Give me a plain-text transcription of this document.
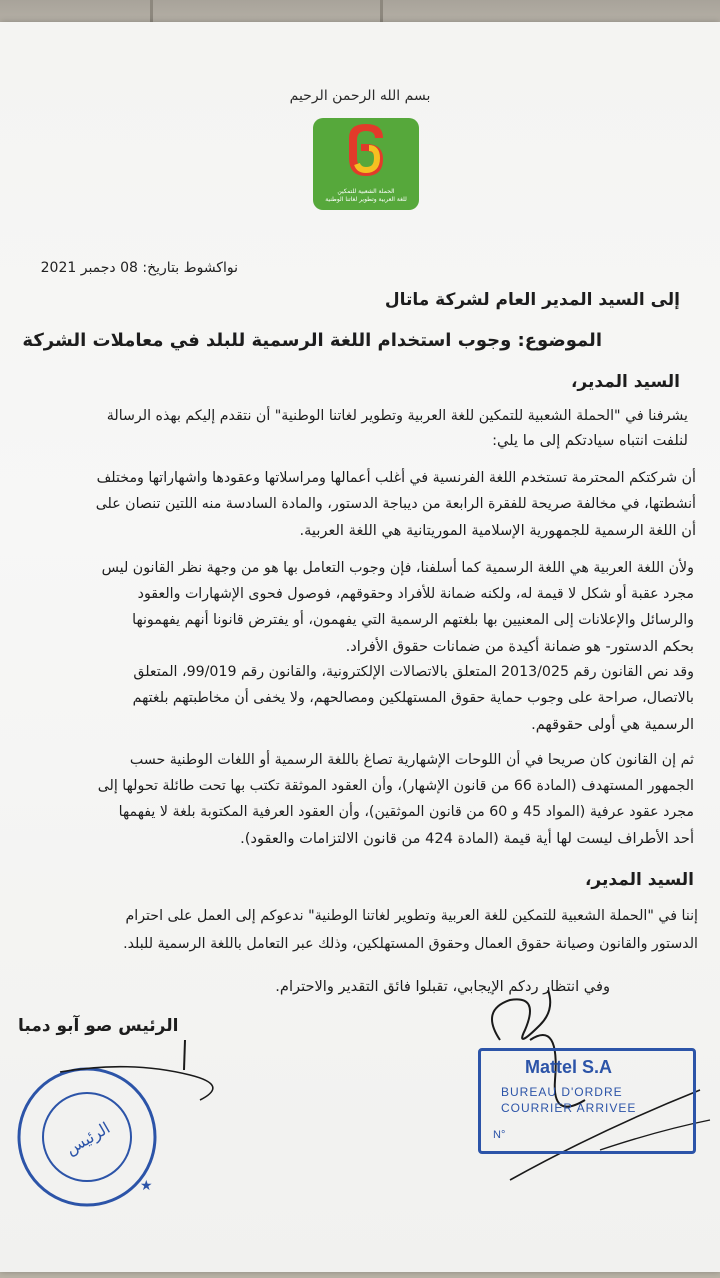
بسم الله الرحمن الرحيم
الحملة الشعبية للتمكين
للغة العربية وتطوير لغاتنا الوطنية
نواكشوط بتاريخ: 08 دجمبر 2021
إلى السيد المدير العام لشركة ماتال
الموضوع: وجوب استخدام اللغة الرسمية للبلد في معاملات الشركة
السيد المدير،
يشرفنا في "الحملة الشعبية للتمكين للغة العربية وتطوير لغاتنا الوطنية" أن نتقدم إليكم بهذه الرسالة
لنلفت انتباه سيادتكم إلى ما يلي:
أن شركتكم المحترمة تستخدم اللغة الفرنسية في أغلب أعمالها ومراسلاتها وعقودها واشهاراتها ومختلف
أنشطتها، في مخالفة صريحة للفقرة الرابعة من ديباجة الدستور، والمادة السادسة منه اللتين تنصان على
أن اللغة الرسمية للجمهورية الإسلامية الموريتانية هي اللغة العربية.
ولأن اللغة العربية هي اللغة الرسمية كما أسلفنا، فإن وجوب التعامل بها هو من وجهة نظر القانون ليس
مجرد عقبة أو شكل لا قيمة له، ولكنه ضمانة للأفراد وحقوقهم، فوصول فحوى الإشهارات والعقود
والرسائل والإعلانات إلى المعنيين بها بلغتهم الرسمية التي يفهمون، أو يفترض قانونا أنهم يفهمونها
بحكم الدستور- هو ضمانة أكيدة من ضمانات حقوق الأفراد.
وقد نص القانون رقم 2013/025 المتعلق بالاتصالات الإلكترونية، والقانون رقم 99/019، المتعلق
بالاتصال، صراحة على وجوب حماية حقوق المستهلكين ومصالحهم، ولا يخفى أن مخاطبتهم بلغتهم
الرسمية هي أولى حقوقهم.
ثم إن القانون كان صريحا في أن اللوحات الإشهارية تصاغ باللغة الرسمية أو اللغات الوطنية حسب
الجمهور المستهدف (المادة 66 من قانون الإشهار)، وأن العقود الموثقة تكتب بها تحت طائلة تحولها إلى
مجرد عقود عرفية (المواد 45 و 60 من قانون الموثقين)، وأن العقود العرفية المكتوبة بلغة لا يفهمها
أحد الأطراف ليست لها أية قيمة (المادة 424 من قانون الالتزامات والعقود).
السيد المدير،
إننا في "الحملة الشعبية للتمكين للغة العربية وتطوير لغاتنا الوطنية" ندعوكم إلى العمل على احترام
الدستور والقانون وصيانة حقوق العمال وحقوق المستهلكين، وذلك عبر التعامل باللغة الرسمية للبلد.
وفي انتظار ردكم الإيجابي، تقبلوا فائق التقدير والاحترام.
الرئيس صو آبو دمبا
الرئيس
★
Mattel S.A
BUREAU D'ORDRE
COURRIER ARRIVEE
N°
